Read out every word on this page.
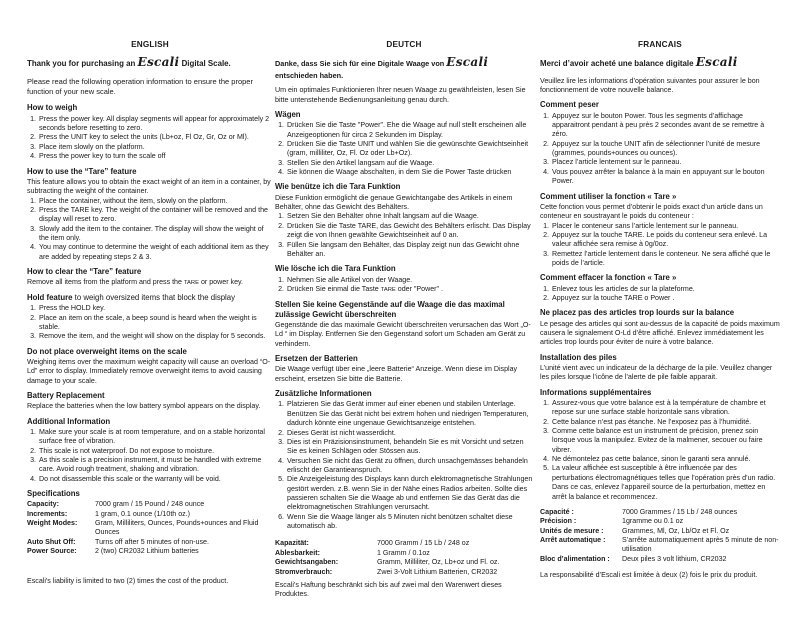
ENGLISH
Thank you for purchasing an Escali Digital Scale.

Please read the following operation information to ensure the proper function of your new scale.

How to weigh
1. Press the power key. All display segments will appear for approximately 2 seconds before resetting to zero.
2. Press the UNIT key to select the units (Lb+oz, Fl Oz, Gr, Oz or Ml).
3. Place item slowly on the platform.
4. Press the power key to turn the scale off
How to use the “Tare” feature

This feature allows you to obtain the exact weight of an item in a container, by subtracting the weight of the container.

1. Place the container, without the item, slowly on the platform.
2. Press the TARE key. The weight of the container will be removed and the display will reset to zero.
3. Slowly add the item to the container. The display will show the weight of the item only.
4. You may continue to determine the weight of each additional item as they are added by repeating steps 2 & 3.
How to clear the “Tare” feature

Remove all items from the platform and press the TARE or power key.

Hold feature to weigh oversized items that block the display
1. Press the HOLD key.
2. Place an item on the scale, a beep sound is heard when the weight is stable.
3. Remove the item, and the weight will show on the display for 5 seconds.
Do not place overweight items on the scale

Weighing items over the maximum weight capacity will cause an overload “O-Ld” error to display. Immediately remove overweight items to avoid causing damage to your scale.

Battery Replacement

Replace the batteries when the low battery symbol appears on the display.

Additional Information
1. Make sure your scale is at room temperature, and on a stable horizontal surface free of vibration.
2. This scale is not waterproof. Do not expose to moisture.
3. As this scale is a precision instrument, it must be handled with extreme care. Avoid rough treatment, shaking and vibration.
4. Do not disassemble this scale or the warranty will be void.
Specifications
Capacity:	7000 gram / 15 Pound / 248 ounce
Increments:	1 gram, 0.1 ounce (1/10th oz.)
Weight Modes:	Gram, Milliliters, Ounces, Pounds+ounces and Fluid Ounces
Auto Shut Off:	Turns off after 5 minutes of non-use.
Power Source:	2 (two) CR2032 Lithium batteries

Escali's liability is limited to two (2) times the cost of the product.

DEUTCH
Danke, dass Sie sich für eine Digitale Waage von Escali
entschieden haben.

Um ein optimales Funktionieren Ihrer neuen Waage zu gewährleisten, lesen Sie bitte untenstehende Bedienungsanleitung genau durch.

Wägen
1. Drücken Sie die Taste "Power". Ehe die Waage auf null stellt erscheinen alle Anzeigeoptionen für circa 2 Sekunden im Display.
2. Drücken Sie die Taste UNIT und wählen Sie die gewünschte Gewichtseinheit (gram, milliliter, Oz, Fl. Oz oder Lb+Oz).
3. Stellen Sie den Artikel langsam auf die Waage.
4. Sie können die Waage abschalten, in dem Sie die Power Taste drücken
Wie benütze ich die Tara Funktion

Diese Funktion ermöglicht die genaue Gewichtangabe des Artikels in einem Behälter, ohne das Gewicht des Behälters.

1. Setzen Sie den Behälter ohne Inhalt langsam auf die Waage.
2. Drücken Sie die Taste TARE, das Gewicht des Behälters erlischt. Das Display zeigt die von Ihnen gewählte Gewichtseinheit auf 0 an.
3. Füllen Sie langsam den Behälter, das Display zeigt nun das Gewicht ohne Behälter an.
Wie lösche ich die Tara Funktion
1. Nehmen Sie alle Artikel von der Waage.
2. Drücken Sie einmal die Taste TARE oder "Power" .
Stellen Sie keine Gegenstände auf die Waage die das maximal zulässige Gewicht überschreiten

Gegenstände die das maximale Gewicht überschreiten verursachen das Wort „O-Ld “ im Display. Entfernen Sie den Gegenstand sofort um Schaden am Gerät zu verhindern.

Ersetzen der Batterien

Die Waage verfügt über eine „leere Batterie“ Anzeige. Wenn diese im Display erscheint, ersetzen Sie bitte die Batterie.

Zusätzliche Informationen
1. Platzieren Sie das Gerät immer auf einer ebenen und stabilen Unterlage. Benützen Sie das Gerät nicht bei extrem hohen und niedrigen Temperaturen, dadurch könnte eine ungenaue Gewichtsanzeige entstehen.
2. Dieses Gerät ist nicht wasserdicht.
3. Dies ist ein Präzisionsinstrument, behandeln Sie es mit Vorsicht und setzen Sie es keinen Schlägen oder Stössen aus.
4. Versuchen Sie nicht das Gerät zu öffnen, durch unsachgemässes behandeln erlischt der Garantieanspruch.
5. Die Anzeigeleistung des Displays kann durch elektromagnetische Strahlungen gestört werden. z.B. wenn Sie in der Nähe eines Radios arbeiten. Sollte dies passieren schalten Sie die Waage ab und entfernen Sie das Gerät das die elektromagnetischen Strahlungen verursacht.
6. Wenn Sie die Waage länger als 5 Minuten nicht benützen schaltet diese automatisch ab.
Kapazität:	7000 Gramm / 15 Lb / 248 oz
Ablesbarkeit:	1 Gramm / 0.1oz
Gewichtsangaben:	Gramm, Milliliter, Oz, Lb+oz und Fl. oz.
Stromverbrauch:	Zwei 3-Volt Lithium Batterien, CR2032

Escali’s Haftung beschränkt sich bis auf zwei mal den Warenwert dieses Produktes.

FRANCAIS
Merci d’avoir acheté une balance digitale Escali

Veuillez lire les informations d’opération suivantes pour assurer le bon fonctionnement de votre nouvelle balance.

Comment peser
1. Appuyez sur le bouton Power. Tous les segments d’affichage apparaitront pendant à peu près 2 secondes avant de se remettre à zéro.
2. Appuyez sur la touche UNIT afin de sélectionner l’unité de mesure (grammes, pounds+ounces ou ounces).
3. Placez l’article lentement sur le panneau.
4. Vous pouvez arrêter la balance à la main en appuyant sur le bouton Power.
Comment utiliser la fonction « Tare »

Cette fonction vous permet d’obtenir le poids exact d’un article dans un conteneur en soustrayant le poids du conteneur :

1. Placer le conteneur sans l’article lentement sur le panneau.
2. Appuyez sur la touche TARE. Le poids du conteneur sera enlevé. La valeur affichée sera remise à 0g/0oz.
3. Remettez l’article lentement dans le conteneur. Ne sera affiché que le poids de l’article.
Comment effacer la fonction « Tare »
1. Enlevez tous les articles de sur la plateforme.
2. Appuyez sur la touche TARE o Power .
Ne placez pas des articles trop lourds sur la balance

Le pesage des articles qui sont au-dessus de la capacité de poids maximum causera le signalement O-Ld d’être affiché. Enlevez immédiatement les articles trop lourds pour éviter de nuire à votre balance.

Installation des piles

L’unité vient avec un indicateur de la décharge de la pile. Veuillez changer les piles lorsque l’icône de l’alerte de pile faible apparait.

Informations supplémentaires
1. Assurez-vous que votre balance est à la température de chambre et repose sur une surface stable horizontale sans vibration.
2. Cette balance n’est pas étanche. Ne l’exposez pas à l’humidité.
3. Comme cette balance est un instrument de précision, prenez soin lorsque vous la manipulez. Evitez de la malmener, secouer ou faire vibrer.
4. Ne démontelez pas cette balance, sinon le garanti sera annulé.
5. La valeur affichée est susceptible à être influencée par des perturbations électromagnétiques telles que l’opération près d’un radio. Dans ce cas, enlevez l’appareil source de la perturbation, mettez en arrêt la balance et recommencez.
Capacité :	7000 Grammes / 15 Lb / 248 ounces
Précision :	1gramme ou 0.1 oz
Unités de mesure :	Grammes, Ml, Oz, Lb/Oz et Fl. Oz
Arrêt automatique :	S’arrête automatiquement après 5 minute de non-utilisation
Bloc d’alimentation :	Deux piles 3 volt lithium, CR2032

La responsabilité d’Escali est limitée à deux (2) fois le prix du produit.
